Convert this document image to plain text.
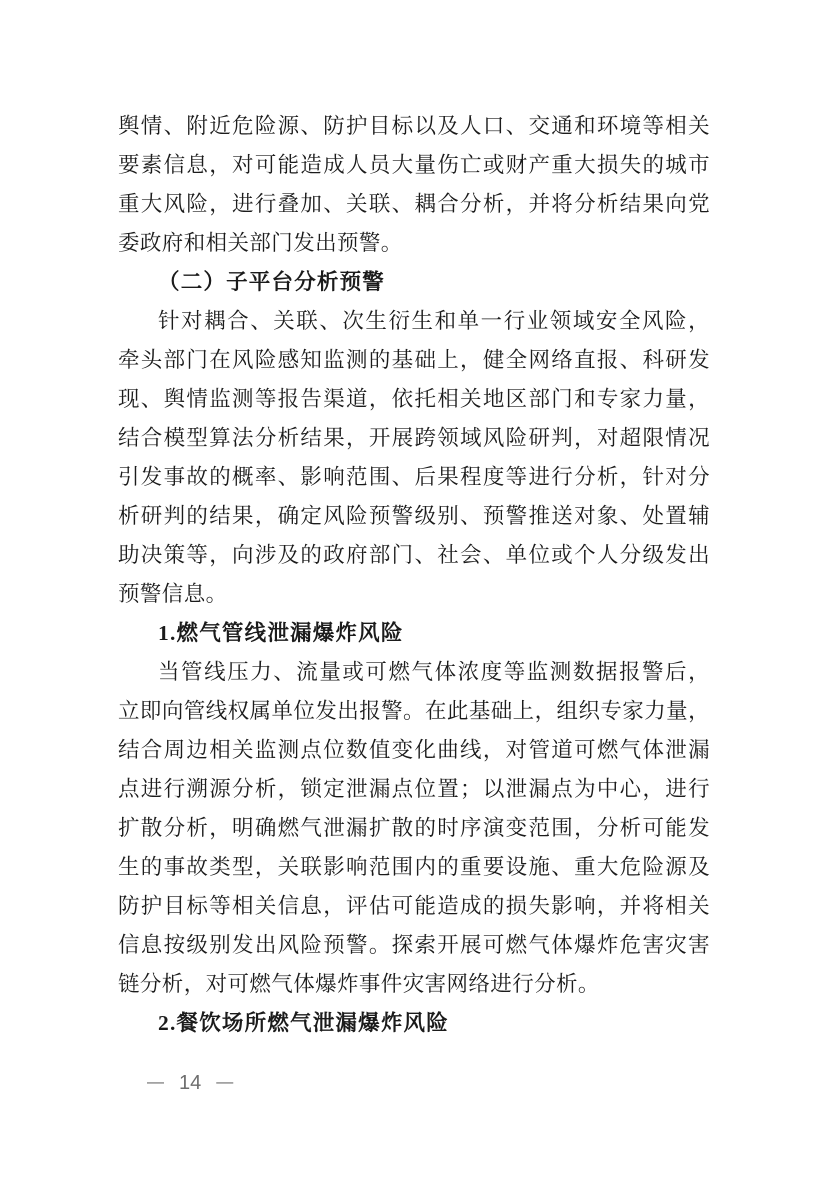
舆情、附近危险源、防护目标以及人口、交通和环境等相关
要素信息，对可能造成人员大量伤亡或财产重大损失的城市
重大风险，进行叠加、关联、耦合分析，并将分析结果向党
委政府和相关部门发出预警。
（二）子平台分析预警
针对耦合、关联、次生衍生和单一行业领域安全风险，
牵头部门在风险感知监测的基础上，健全网络直报、科研发
现、舆情监测等报告渠道，依托相关地区部门和专家力量，
结合模型算法分析结果，开展跨领域风险研判，对超限情况
引发事故的概率、影响范围、后果程度等进行分析，针对分
析研判的结果，确定风险预警级别、预警推送对象、处置辅
助决策等，向涉及的政府部门、社会、单位或个人分级发出
预警信息。
1.燃气管线泄漏爆炸风险
当管线压力、流量或可燃气体浓度等监测数据报警后，
立即向管线权属单位发出报警。在此基础上，组织专家力量，
结合周边相关监测点位数值变化曲线，对管道可燃气体泄漏
点进行溯源分析，锁定泄漏点位置；以泄漏点为中心，进行
扩散分析，明确燃气泄漏扩散的时序演变范围，分析可能发
生的事故类型，关联影响范围内的重要设施、重大危险源及
防护目标等相关信息，评估可能造成的损失影响，并将相关
信息按级别发出风险预警。探索开展可燃气体爆炸危害灾害
链分析，对可燃气体爆炸事件灾害网络进行分析。
2.餐饮场所燃气泄漏爆炸风险
— 14 —
